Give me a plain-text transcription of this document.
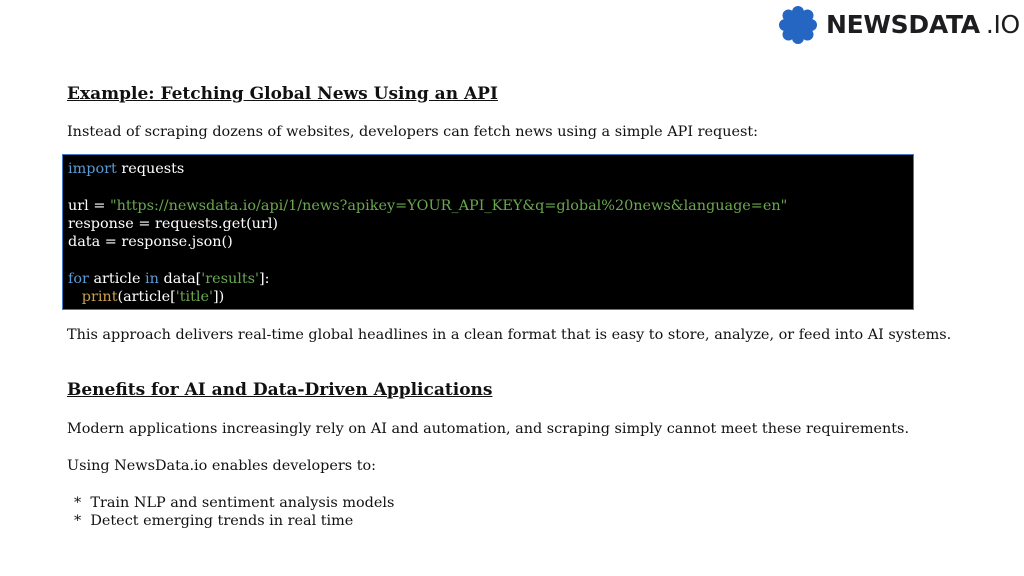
NEWSDATA .IO
Example: Fetching Global News Using an API

Instead of scraping dozens of websites, developers can fetch news using a simple API request:

import requests
url = "https://newsdata.io/api/1/news?apikey=YOUR_API_KEY&q=global%20news&language=en"
response = requests.get(url)
data = response.json()
for article in data['results']:
print(article['title'])

This approach delivers real-time global headlines in a clean format that is easy to store, analyze, or feed into AI systems.

Benefits for AI and Data-Driven Applications

Modern applications increasingly rely on AI and automation, and scraping simply cannot meet these requirements.

Using NewsData.io enables developers to:

*  Train NLP and sentiment analysis models

*  Detect emerging trends in real time
